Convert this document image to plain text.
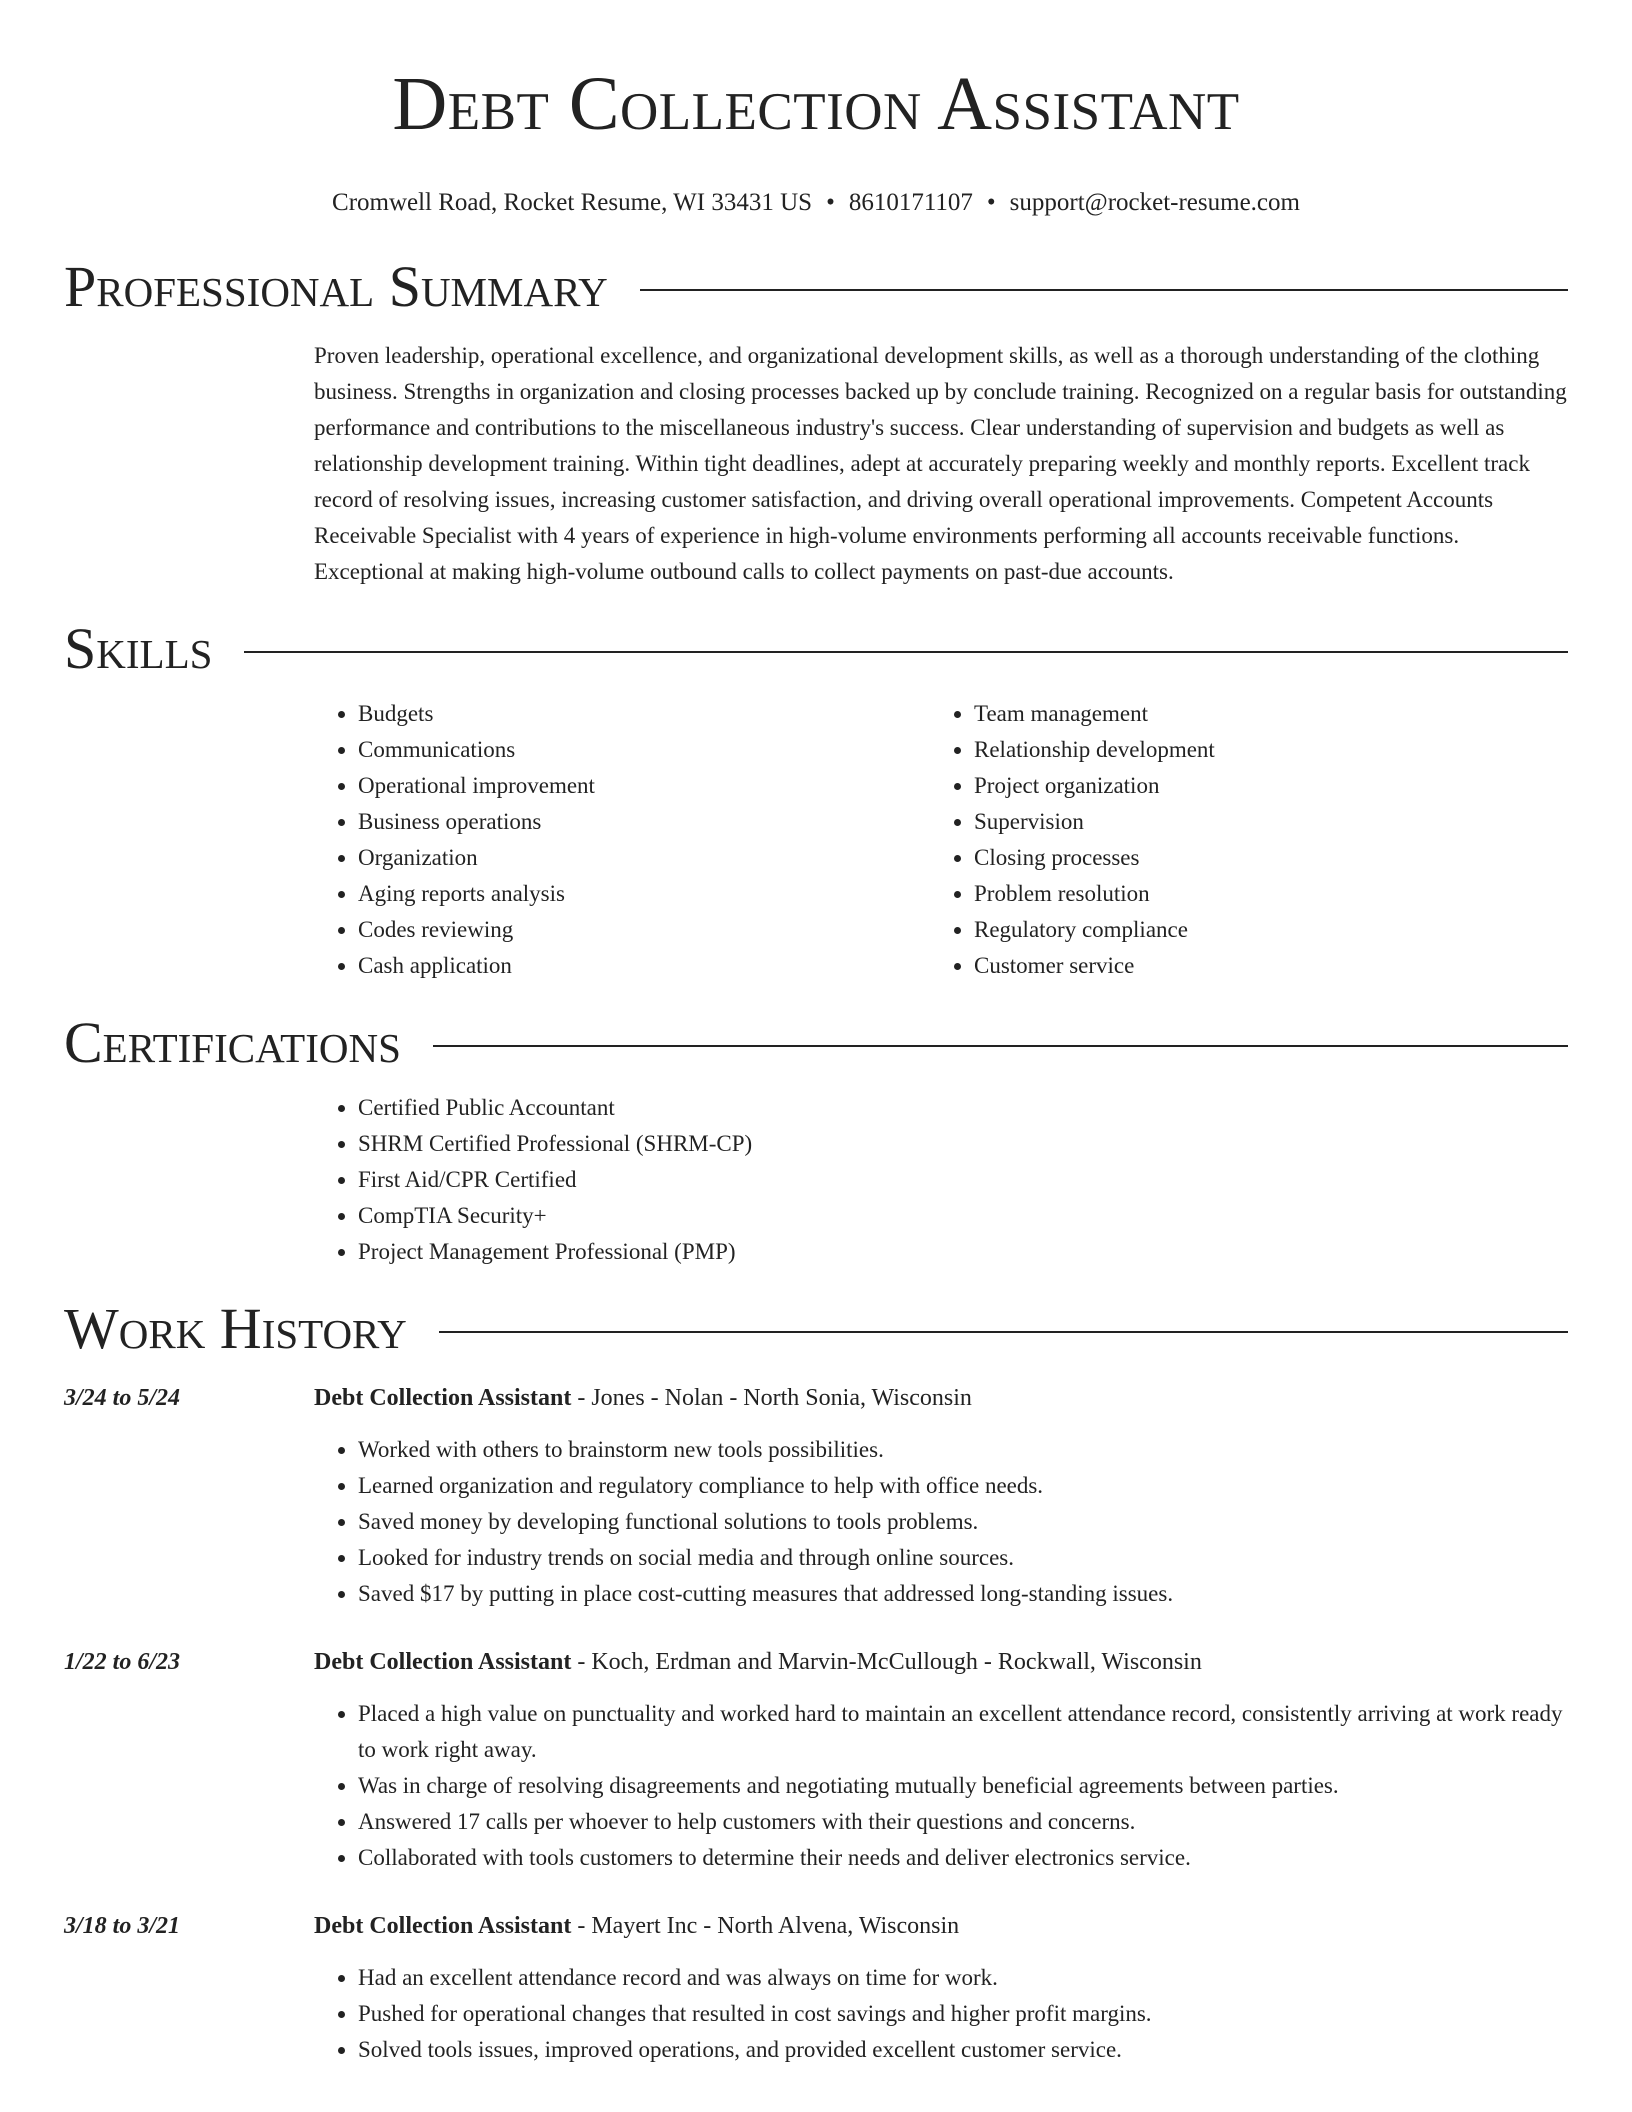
Debt Collection Assistant
Cromwell Road, Rocket Resume, WI 33431 US • 8610171107 • support@rocket-resume.com
Professional Summary
Proven leadership, operational excellence, and organizational development skills, as well as a thorough understanding of the clothing business. Strengths in organization and closing processes backed up by conclude training. Recognized on a regular basis for outstanding performance and contributions to the miscellaneous industry's success. Clear understanding of supervision and budgets as well as relationship development training. Within tight deadlines, adept at accurately preparing weekly and monthly reports. Excellent track record of resolving issues, increasing customer satisfaction, and driving overall operational improvements. Competent Accounts Receivable Specialist with 4 years of experience in high-volume environments performing all accounts receivable functions. Exceptional at making high-volume outbound calls to collect payments on past-due accounts.
Skills
• Budgets
• Communications
• Operational improvement
• Business operations
• Organization
• Aging reports analysis
• Codes reviewing
• Cash application
• Team management
• Relationship development
• Project organization
• Supervision
• Closing processes
• Problem resolution
• Regulatory compliance
• Customer service
Certifications
• Certified Public Accountant
• SHRM Certified Professional (SHRM-CP)
• First Aid/CPR Certified
• CompTIA Security+
• Project Management Professional (PMP)
Work History
3/24 to 5/24	Debt Collection Assistant - Jones - Nolan - North Sonia, Wisconsin
• Worked with others to brainstorm new tools possibilities.
• Learned organization and regulatory compliance to help with office needs.
• Saved money by developing functional solutions to tools problems.
• Looked for industry trends on social media and through online sources.
• Saved $17 by putting in place cost-cutting measures that addressed long-standing issues.
1/22 to 6/23	Debt Collection Assistant - Koch, Erdman and Marvin-McCullough - Rockwall, Wisconsin
• Placed a high value on punctuality and worked hard to maintain an excellent attendance record, consistently arriving at work ready to work right away.
• Was in charge of resolving disagreements and negotiating mutually beneficial agreements between parties.
• Answered 17 calls per whoever to help customers with their questions and concerns.
• Collaborated with tools customers to determine their needs and deliver electronics service.
3/18 to 3/21	Debt Collection Assistant - Mayert Inc - North Alvena, Wisconsin
• Had an excellent attendance record and was always on time for work.
• Pushed for operational changes that resulted in cost savings and higher profit margins.
• Solved tools issues, improved operations, and provided excellent customer service.
